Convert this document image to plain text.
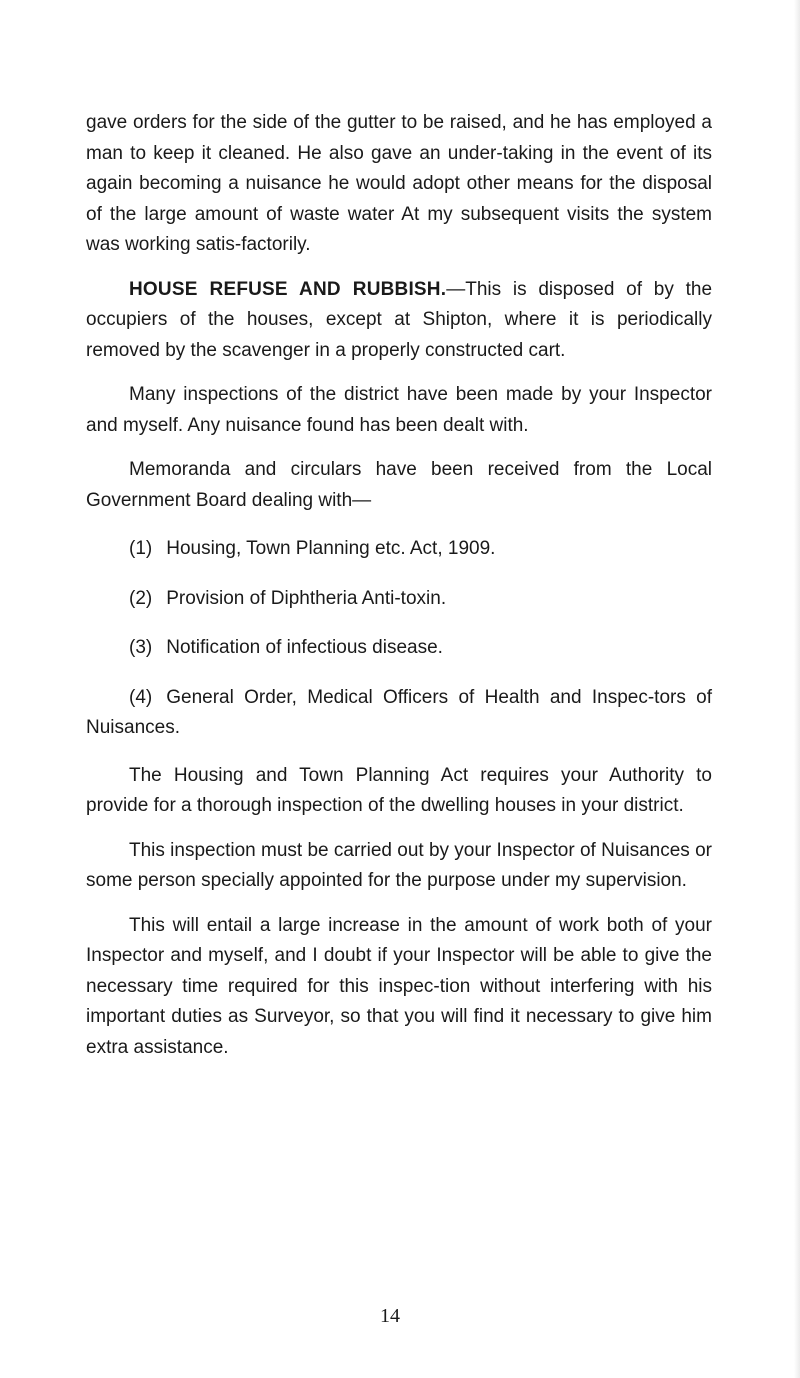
gave orders for the side of the gutter to be raised, and he has employed a man to keep it cleaned. He also gave an under-taking in the event of its again becoming a nuisance he would adopt other means for the disposal of the large amount of waste water At my subsequent visits the system was working satis-factorily.

HOUSE REFUSE AND RUBBISH.—This is disposed of by the occupiers of the houses, except at Shipton, where it is periodically removed by the scavenger in a properly constructed cart.

Many inspections of the district have been made by your Inspector and myself. Any nuisance found has been dealt with.

Memoranda and circulars have been received from the Local Government Board dealing with—

(1) Housing, Town Planning etc. Act, 1909.
(2) Provision of Diphtheria Anti-toxin.
(3) Notification of infectious disease.
(4) General Order, Medical Officers of Health and Inspec-tors of Nuisances.

The Housing and Town Planning Act requires your Authority to provide for a thorough inspection of the dwelling houses in your district.

This inspection must be carried out by your Inspector of Nuisances or some person specially appointed for the purpose under my supervision.

This will entail a large increase in the amount of work both of your Inspector and myself, and I doubt if your Inspector will be able to give the necessary time required for this inspec-tion without interfering with his important duties as Surveyor, so that you will find it necessary to give him extra assistance.

14
